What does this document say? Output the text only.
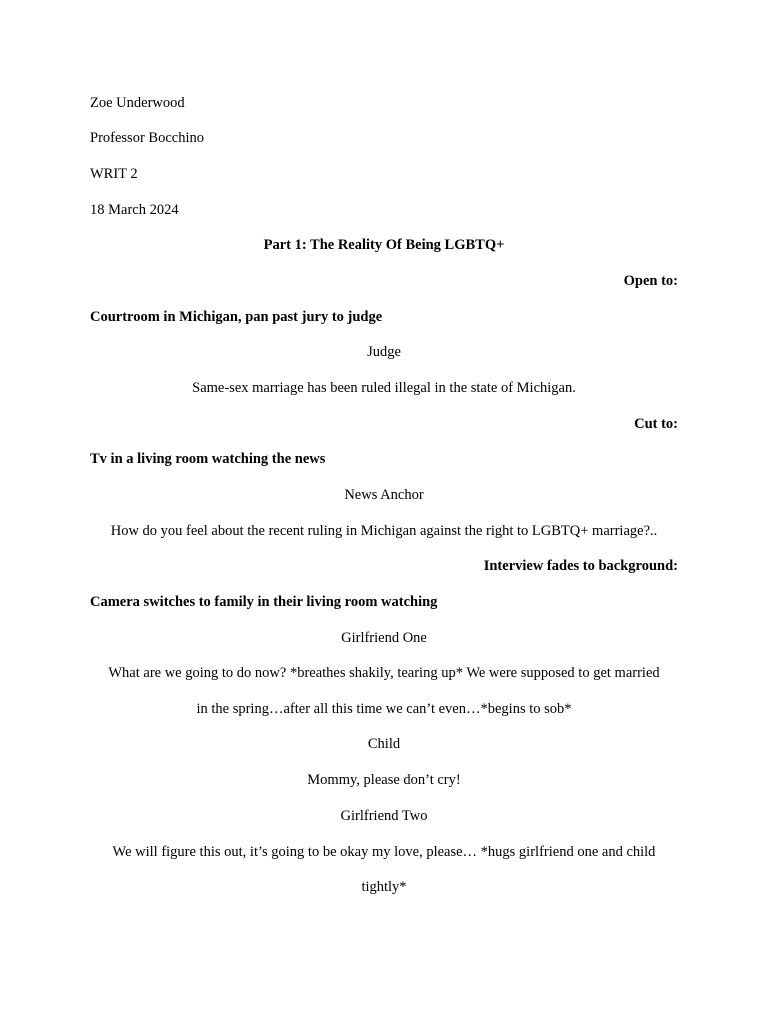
Zoe Underwood
Professor Bocchino
WRIT 2
18 March 2024
Part 1: The Reality Of Being LGBTQ+
Open to:
Courtroom in Michigan, pan past jury to judge
Judge
Same-sex marriage has been ruled illegal in the state of Michigan.
Cut to:
Tv in a living room watching the news
News Anchor
How do you feel about the recent ruling in Michigan against the right to LGBTQ+ marriage?..
Interview fades to background:
Camera switches to family in their living room watching
Girlfriend One
What are we going to do now? *breathes shakily, tearing up* We were supposed to get married
in the spring…after all this time we can’t even…*begins to sob*
Child
Mommy, please don’t cry!
Girlfriend Two
We will figure this out, it’s going to be okay my love, please… *hugs girlfriend one and child
tightly*
